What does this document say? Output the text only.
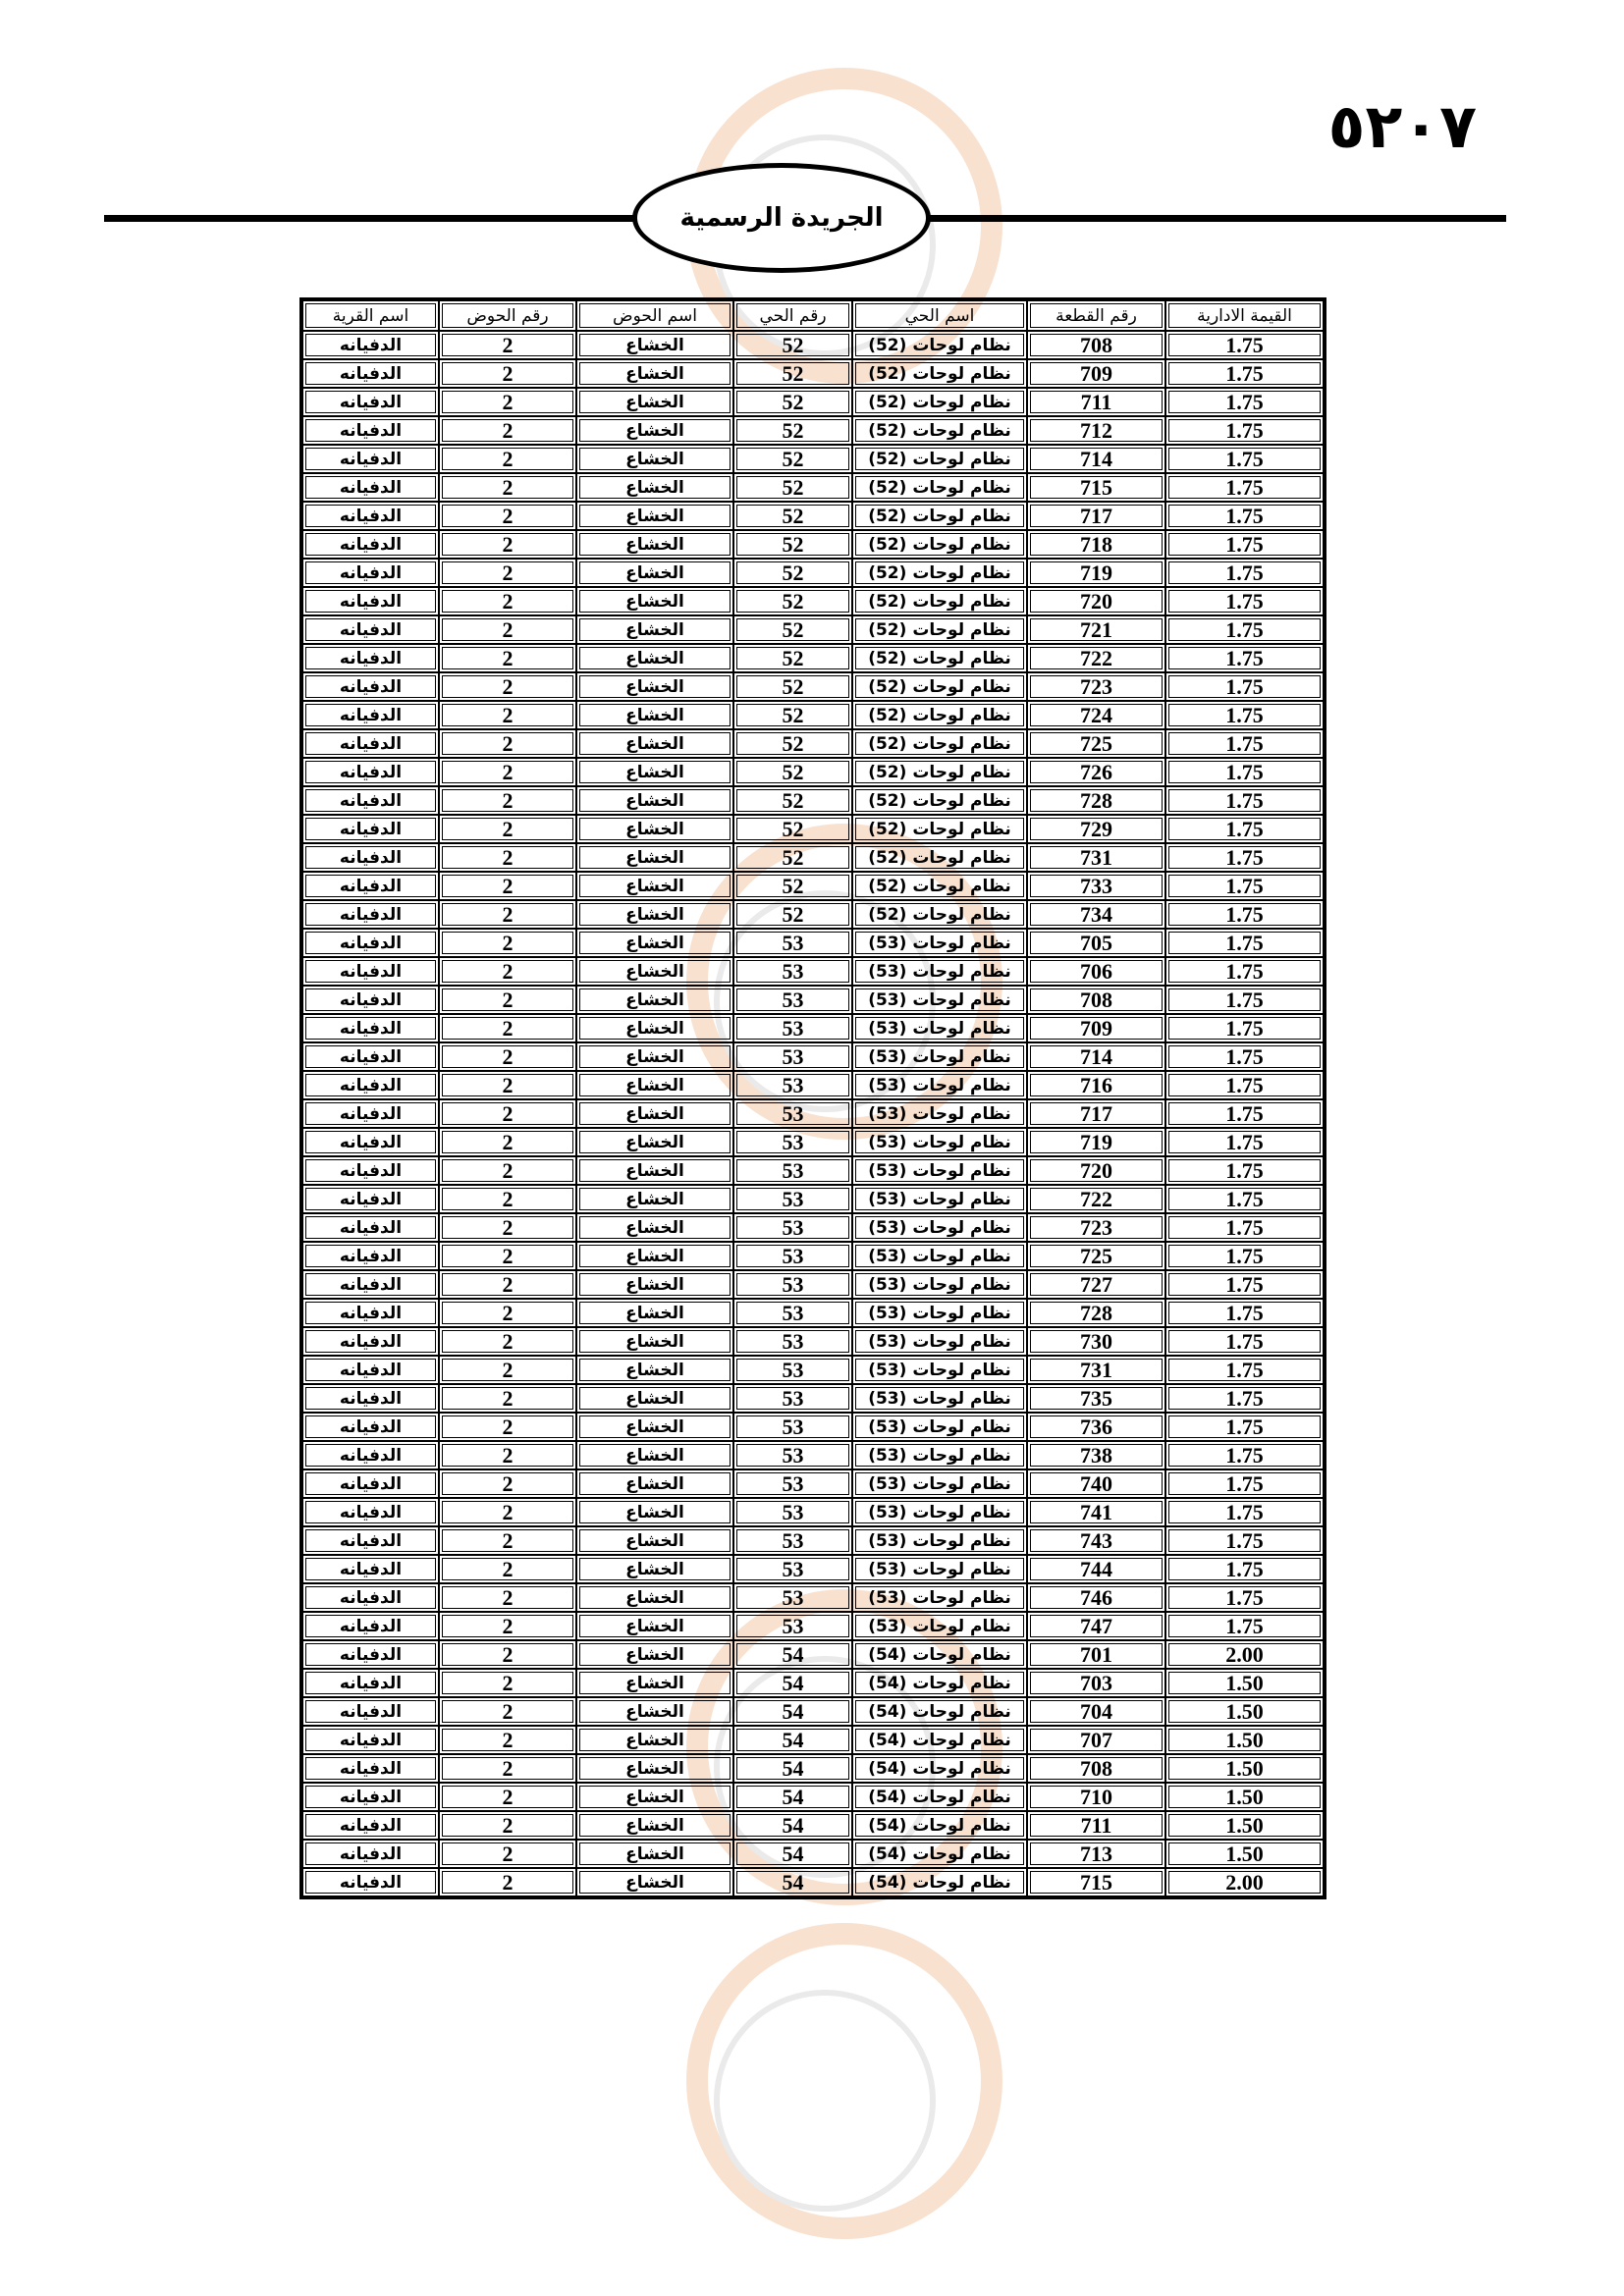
٥٢٠٧
الجريدة الرسمية
القيمة الادارية	رقم القطعة	اسم الحي	رقم الحي	اسم الحوض	رقم الحوض	اسم القرية
1.75	708	نظام لوحات (52)	52	الخشاع	2	الدفيانه
1.75	709	نظام لوحات (52)	52	الخشاع	2	الدفيانه
1.75	711	نظام لوحات (52)	52	الخشاع	2	الدفيانه
1.75	712	نظام لوحات (52)	52	الخشاع	2	الدفيانه
1.75	714	نظام لوحات (52)	52	الخشاع	2	الدفيانه
1.75	715	نظام لوحات (52)	52	الخشاع	2	الدفيانه
1.75	717	نظام لوحات (52)	52	الخشاع	2	الدفيانه
1.75	718	نظام لوحات (52)	52	الخشاع	2	الدفيانه
1.75	719	نظام لوحات (52)	52	الخشاع	2	الدفيانه
1.75	720	نظام لوحات (52)	52	الخشاع	2	الدفيانه
1.75	721	نظام لوحات (52)	52	الخشاع	2	الدفيانه
1.75	722	نظام لوحات (52)	52	الخشاع	2	الدفيانه
1.75	723	نظام لوحات (52)	52	الخشاع	2	الدفيانه
1.75	724	نظام لوحات (52)	52	الخشاع	2	الدفيانه
1.75	725	نظام لوحات (52)	52	الخشاع	2	الدفيانه
1.75	726	نظام لوحات (52)	52	الخشاع	2	الدفيانه
1.75	728	نظام لوحات (52)	52	الخشاع	2	الدفيانه
1.75	729	نظام لوحات (52)	52	الخشاع	2	الدفيانه
1.75	731	نظام لوحات (52)	52	الخشاع	2	الدفيانه
1.75	733	نظام لوحات (52)	52	الخشاع	2	الدفيانه
1.75	734	نظام لوحات (52)	52	الخشاع	2	الدفيانه
1.75	705	نظام لوحات (53)	53	الخشاع	2	الدفيانه
1.75	706	نظام لوحات (53)	53	الخشاع	2	الدفيانه
1.75	708	نظام لوحات (53)	53	الخشاع	2	الدفيانه
1.75	709	نظام لوحات (53)	53	الخشاع	2	الدفيانه
1.75	714	نظام لوحات (53)	53	الخشاع	2	الدفيانه
1.75	716	نظام لوحات (53)	53	الخشاع	2	الدفيانه
1.75	717	نظام لوحات (53)	53	الخشاع	2	الدفيانه
1.75	719	نظام لوحات (53)	53	الخشاع	2	الدفيانه
1.75	720	نظام لوحات (53)	53	الخشاع	2	الدفيانه
1.75	722	نظام لوحات (53)	53	الخشاع	2	الدفيانه
1.75	723	نظام لوحات (53)	53	الخشاع	2	الدفيانه
1.75	725	نظام لوحات (53)	53	الخشاع	2	الدفيانه
1.75	727	نظام لوحات (53)	53	الخشاع	2	الدفيانه
1.75	728	نظام لوحات (53)	53	الخشاع	2	الدفيانه
1.75	730	نظام لوحات (53)	53	الخشاع	2	الدفيانه
1.75	731	نظام لوحات (53)	53	الخشاع	2	الدفيانه
1.75	735	نظام لوحات (53)	53	الخشاع	2	الدفيانه
1.75	736	نظام لوحات (53)	53	الخشاع	2	الدفيانه
1.75	738	نظام لوحات (53)	53	الخشاع	2	الدفيانه
1.75	740	نظام لوحات (53)	53	الخشاع	2	الدفيانه
1.75	741	نظام لوحات (53)	53	الخشاع	2	الدفيانه
1.75	743	نظام لوحات (53)	53	الخشاع	2	الدفيانه
1.75	744	نظام لوحات (53)	53	الخشاع	2	الدفيانه
1.75	746	نظام لوحات (53)	53	الخشاع	2	الدفيانه
1.75	747	نظام لوحات (53)	53	الخشاع	2	الدفيانه
2.00	701	نظام لوحات (54)	54	الخشاع	2	الدفيانه
1.50	703	نظام لوحات (54)	54	الخشاع	2	الدفيانه
1.50	704	نظام لوحات (54)	54	الخشاع	2	الدفيانه
1.50	707	نظام لوحات (54)	54	الخشاع	2	الدفيانه
1.50	708	نظام لوحات (54)	54	الخشاع	2	الدفيانه
1.50	710	نظام لوحات (54)	54	الخشاع	2	الدفيانه
1.50	711	نظام لوحات (54)	54	الخشاع	2	الدفيانه
1.50	713	نظام لوحات (54)	54	الخشاع	2	الدفيانه
2.00	715	نظام لوحات (54)	54	الخشاع	2	الدفيانه
